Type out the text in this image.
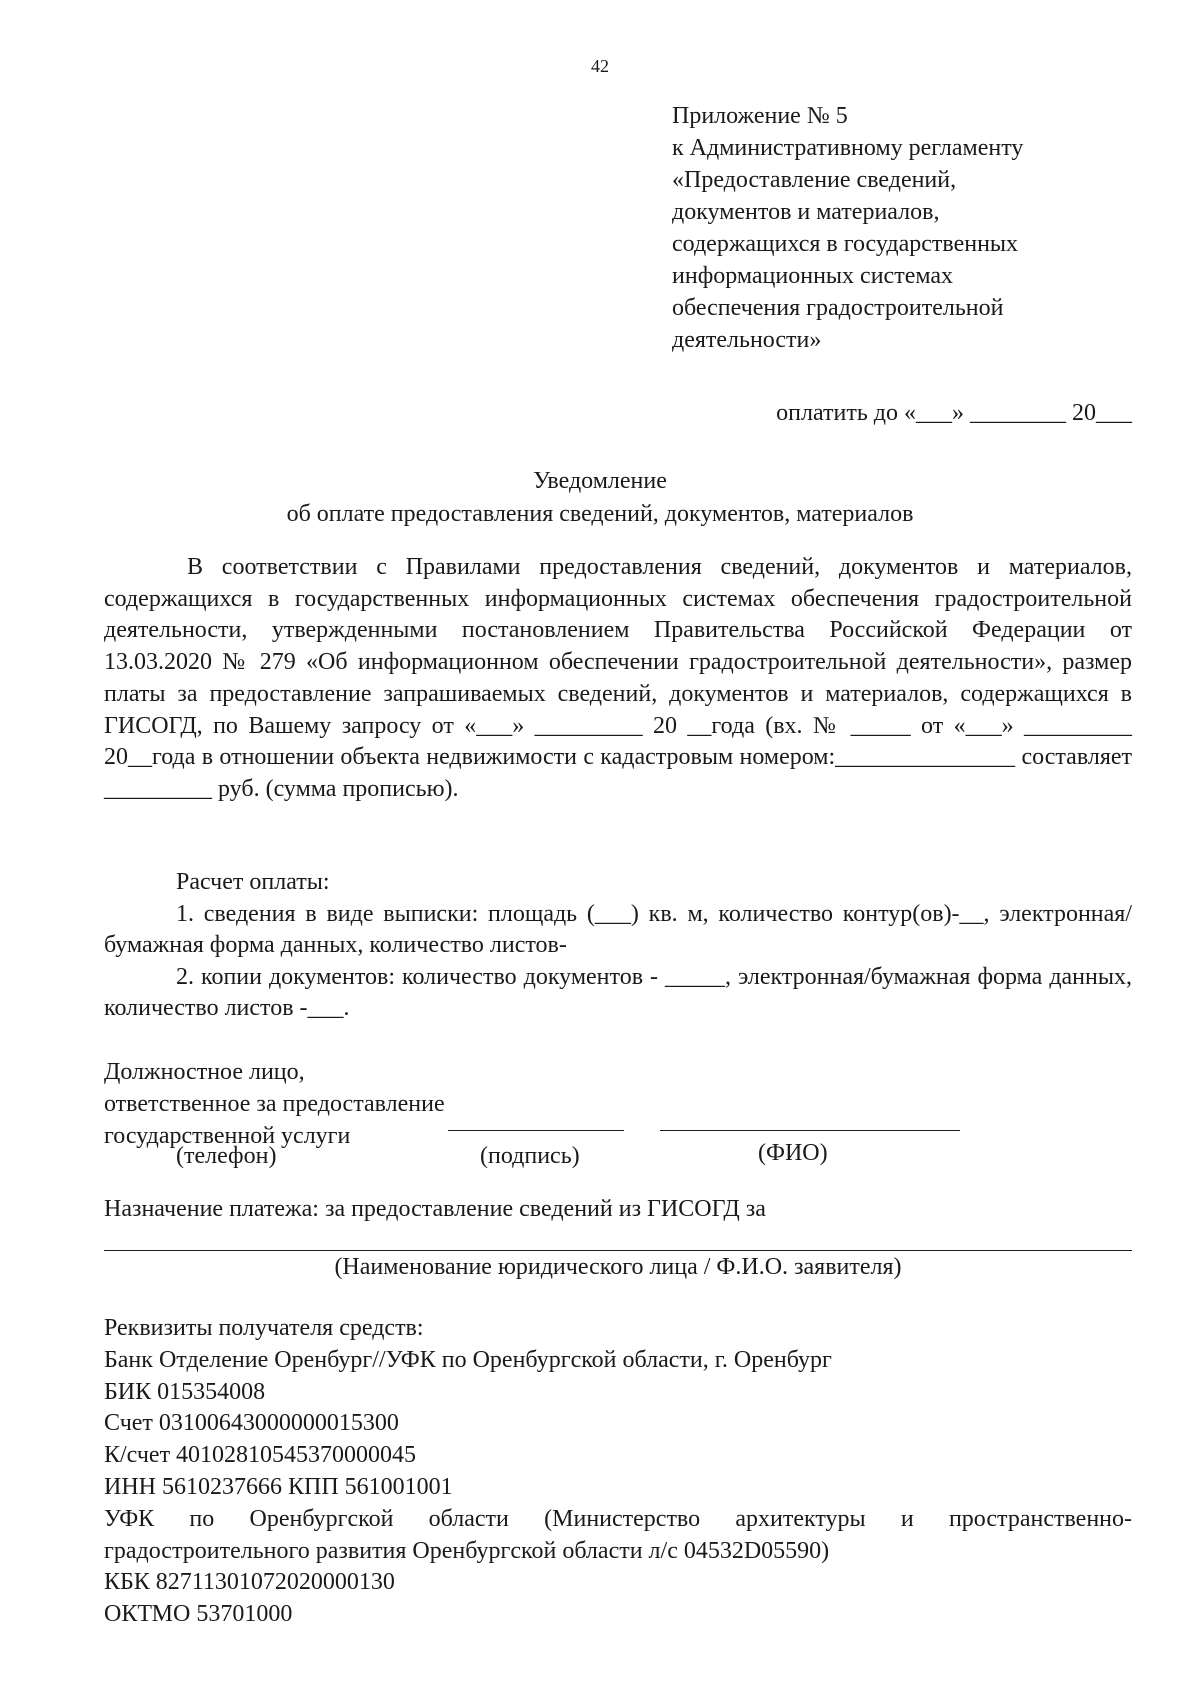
42
Приложение № 5
к Административному регламенту
«Предоставление сведений,
документов и материалов,
содержащихся в государственных
информационных системах
обеспечения градостроительной
деятельности»
оплатить до «___» ________ 20___
Уведомление
об оплате предоставления сведений, документов, материалов

В соответствии с Правилами предоставления сведений, документов и материалов, содержащихся в государственных информационных системах обеспечения градостроительной деятельности, утвержденными постановлением Правительства Российской Федерации от 13.03.2020 № 279 «Об информационном обеспечении градостроительной деятельности», размер платы за предоставление запрашиваемых сведений, документов и материалов, содержащихся в ГИСОГД, по Вашему запросу от «___» _________ 20 __года (вх. № _____ от «___» _________ 20__года в отношении объекта недвижимости с кадастровым номером:_______________ составляет _________ руб. (сумма прописью).

Расчет оплаты:

1. сведения в виде выписки: площадь (___) кв. м, количество контур(ов)-__, электронная/бумажная форма данных, количество листов-

2. копии документов: количество документов - _____, электронная/бумажная форма данных, количество листов -___.

Должностное лицо,
ответственное за предоставление
государственной услуги
(телефон)	(подпись)	(ФИО)
Назначение платежа: за предоставление сведений из ГИСОГД за
(Наименование юридического лица / Ф.И.О. заявителя)

Реквизиты получателя средств:

Банк Отделение Оренбург//УФК по Оренбургской области, г. Оренбург

БИК 015354008

Счет 03100643000000015300

К/счет 40102810545370000045

ИНН 5610237666 КПП 561001001

УФК по Оренбургской области (Министерство архитектуры и пространственно-градостроительного развития Оренбургской области л/с 04532D05590)

КБК 82711301072020000130

ОКТМО 53701000
